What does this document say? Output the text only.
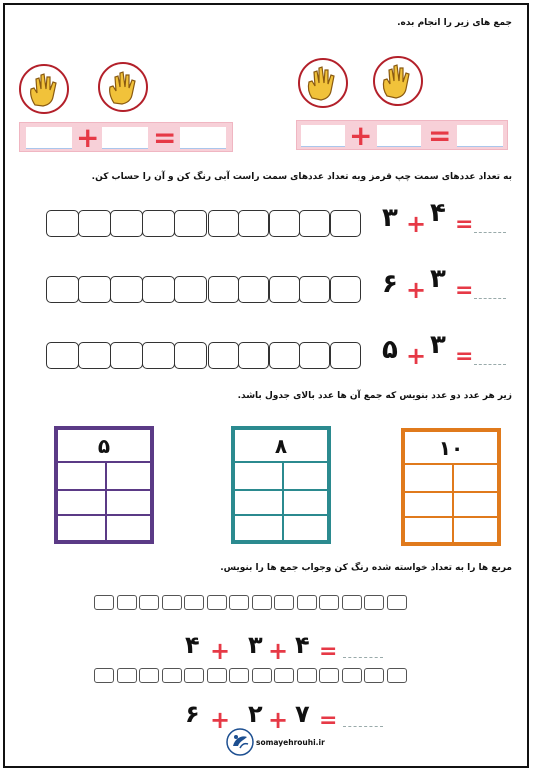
جمع های زیر را انجام بده.
+ =	+ =
به تعداد عددهای سمت چپ قرمز وبه تعداد عددهای سمت راست آبی رنگ کن و آن را حساب کن.
۳ + ۴ =
۶ + ۳ =
۵ + ۳ =
زیر هر عدد دو عدد بنویس که جمع آن ها عدد بالای جدول باشد.
۵	۸	۱۰
مربع ها را به تعداد خواسته شده رنگ کن وجواب جمع ها را بنویس.
۴
+
۳
+
۴	=
۷
+
۲
+
۶	=
somayehrouhi.ir
